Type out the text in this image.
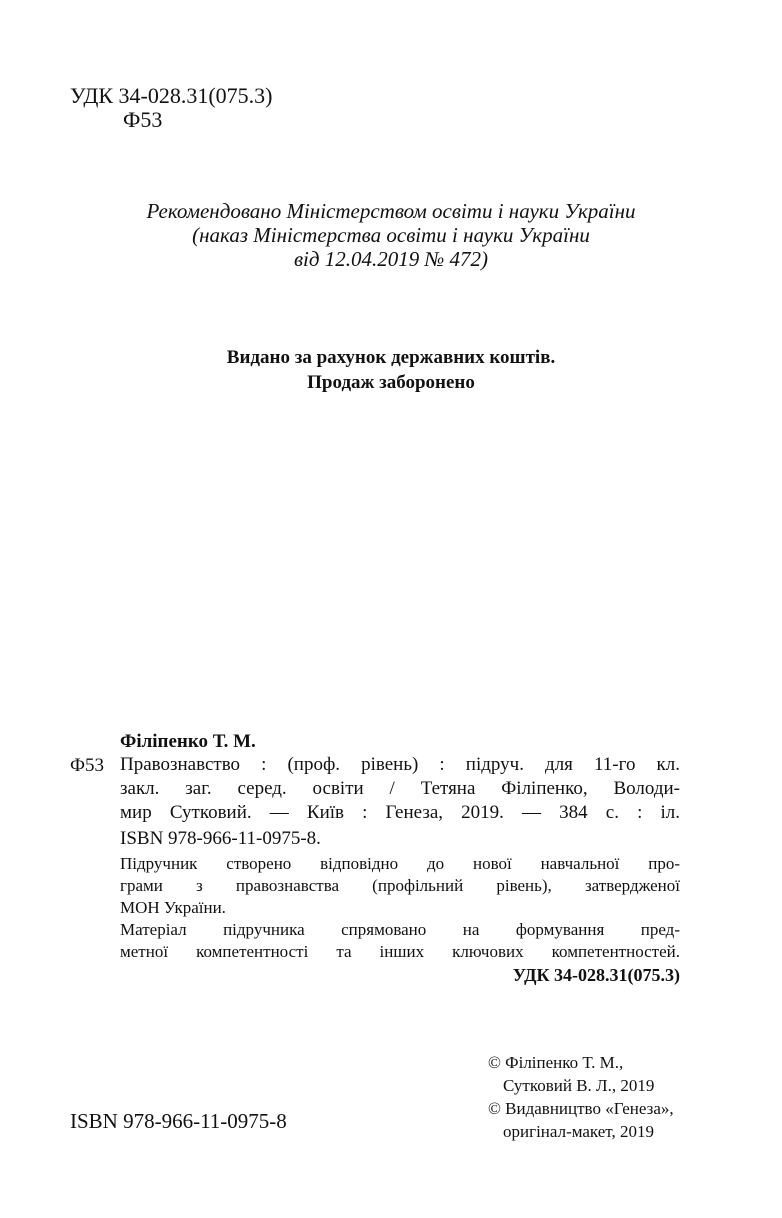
УДК 34-028.31(075.3)
Ф53
Рекомендовано Міністерством освіти і науки України
(наказ Міністерства освіти і науки України
від 12.04.2019 № 472)
Видано за рахунок державних коштів.
Продаж заборонено
Філіпенко Т. М.
Ф53 Правознавство : (проф. рівень) : підруч. для 11-го кл.
закл. заг. серед. освіти / Тетяна Філіпенко, Володи-
мир Сутковий. — Київ : Генеза, 2019. — 384 с. : іл.
ISBN 978-966-11-0975-8.
Підручник створено відповідно до нової навчальної про-
грами з правознавства (профільний рівень), затвердженої
МОН України.
Матеріал підручника спрямовано на формування пред-
метної компетентності та інших ключових компетентностей.
УДК 34-028.31(075.3)
© Філіпенко Т. М.,
Сутковий В. Л., 2019
© Видавництво «Генеза»,
оригінал-макет, 2019
ISBN 978-966-11-0975-8
